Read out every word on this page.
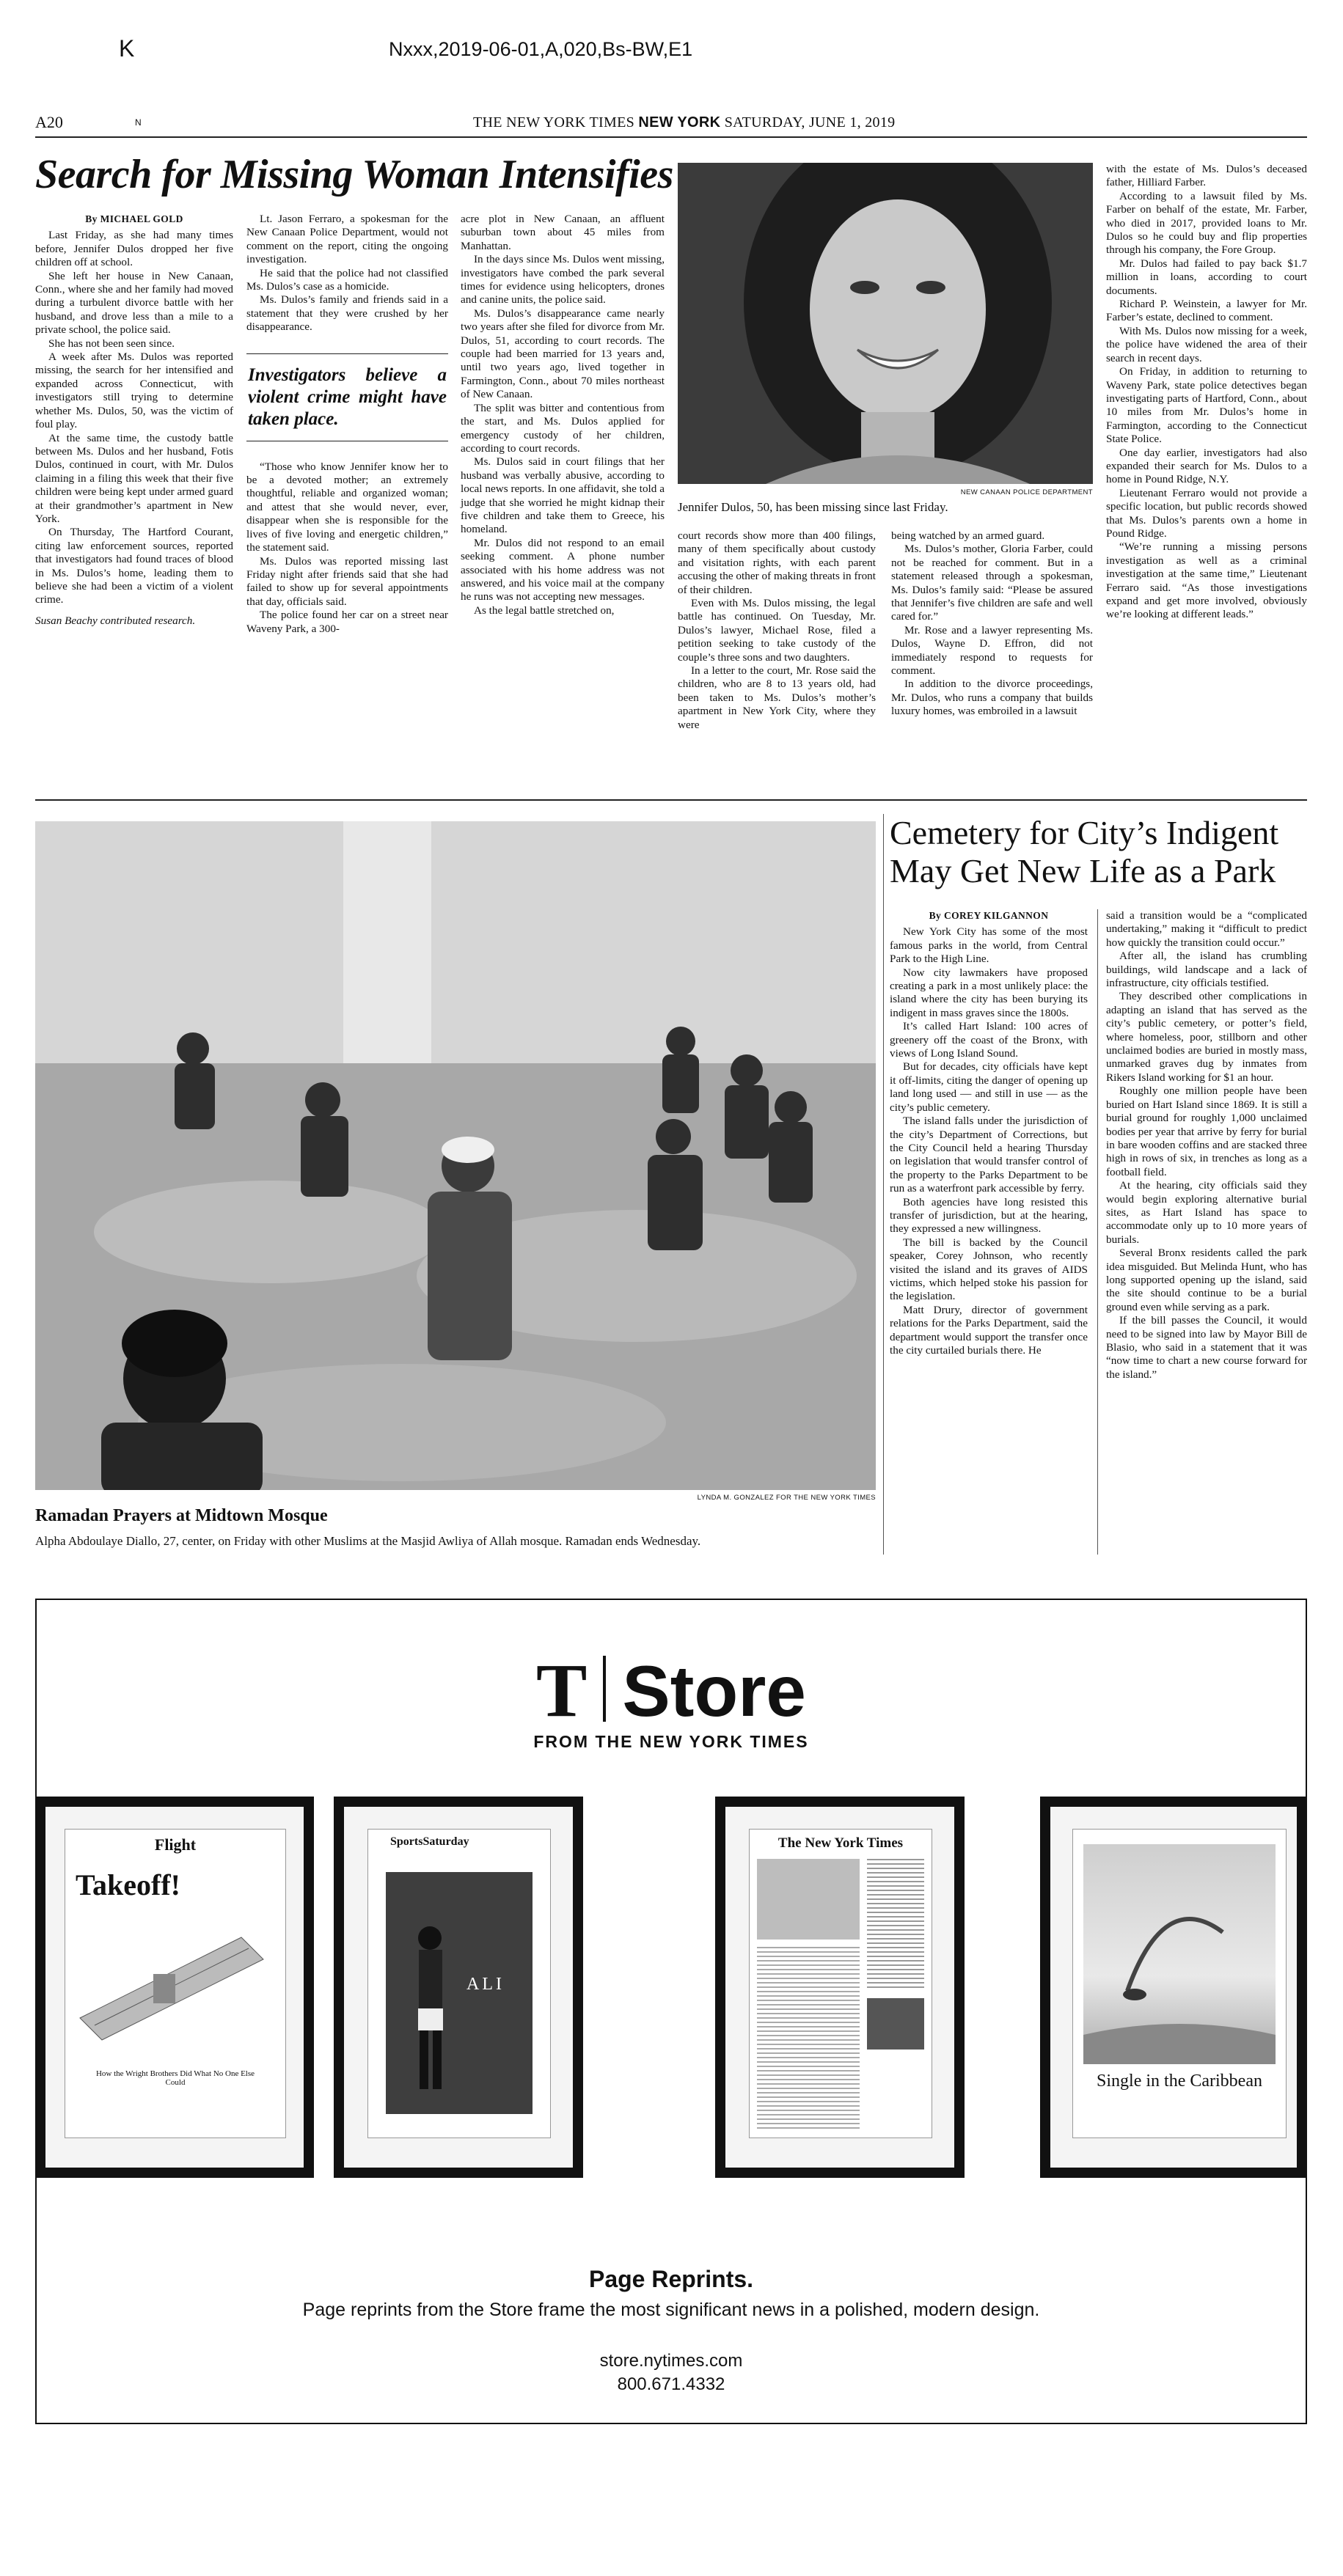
K	Nxxx,2019-06-01,A,020,Bs-BW,E1
A20	N	THE NEW YORK TIMES NEW YORK SATURDAY, JUNE 1, 2019
Search for Missing Woman Intensifies
By MICHAEL GOLD

Last Friday, as she had many times before, Jennifer Dulos dropped her five children off at school.

She left her house in New Canaan, Conn., where she and her family had moved during a turbulent divorce battle with her husband, and drove less than a mile to a private school, the police said.

She has not been seen since.

A week after Ms. Dulos was reported missing, the search for her intensified and expanded across Connecticut, with investigators still trying to determine whether Ms. Dulos, 50, was the victim of foul play.

At the same time, the custody battle between Ms. Dulos and her husband, Fotis Dulos, continued in court, with Mr. Dulos claiming in a filing this week that their five children were being kept under armed guard at their grandmother’s apartment in New York.

On Thursday, The Hartford Courant, citing law enforcement sources, reported that investigators had found traces of blood in Ms. Dulos’s home, leading them to believe she had been a victim of a violent crime.

Susan Beachy contributed research.

Lt. Jason Ferraro, a spokesman for the New Canaan Police Department, would not comment on the report, citing the ongoing investigation.

He said that the police had not classified Ms. Dulos’s case as a homicide.

Ms. Dulos’s family and friends said in a statement that they were crushed by her disappearance.

Investigators believe a violent crime might have taken place.

“Those who know Jennifer know her to be a devoted mother; an extremely thoughtful, reliable and organized woman; and attest that she would never, ever, disappear when she is responsible for the lives of five loving and energetic children,” the statement said.

Ms. Dulos was reported missing last Friday night after friends said that she had failed to show up for several appointments that day, officials said.

The police found her car on a street near Waveny Park, a 300-

acre plot in New Canaan, an affluent suburban town about 45 miles from Manhattan.

In the days since Ms. Dulos went missing, investigators have combed the park several times for evidence using helicopters, drones and canine units, the police said.

Ms. Dulos’s disappearance came nearly two years after she filed for divorce from Mr. Dulos, 51, according to court records. The couple had been married for 13 years and, until two years ago, lived together in Farmington, Conn., about 70 miles northeast of New Canaan.

The split was bitter and contentious from the start, and Ms. Dulos applied for emergency custody of her children, according to court records.

Ms. Dulos said in court filings that her husband was verbally abusive, according to local news reports. In one affidavit, she told a judge that she worried he might kidnap their five children and take them to Greece, his homeland.

Mr. Dulos did not respond to an email seeking comment. A phone number associated with his home address was not answered, and his voice mail at the company he runs was not accepting new messages.

As the legal battle stretched on,

NEW CANAAN POLICE DEPARTMENT
Jennifer Dulos, 50, has been missing since last Friday.

court records show more than 400 filings, many of them specifically about custody and visitation rights, with each parent accusing the other of making threats in front of their children.

Even with Ms. Dulos missing, the legal battle has continued. On Tuesday, Mr. Dulos’s lawyer, Michael Rose, filed a petition seeking to take custody of the couple’s three sons and two daughters.

In a letter to the court, Mr. Rose said the children, who are 8 to 13 years old, had been taken to Ms. Dulos’s mother’s apartment in New York City, where they were

being watched by an armed guard.

Ms. Dulos’s mother, Gloria Farber, could not be reached for comment. But in a statement released through a spokesman, Ms. Dulos’s family said: “Please be assured that Jennifer’s five children are safe and well cared for.”

Mr. Rose and a lawyer representing Ms. Dulos, Wayne D. Effron, did not immediately respond to requests for comment.

In addition to the divorce proceedings, Mr. Dulos, who runs a company that builds luxury homes, was embroiled in a lawsuit

with the estate of Ms. Dulos’s deceased father, Hilliard Farber.

According to a lawsuit filed by Ms. Farber on behalf of the estate, Mr. Farber, who died in 2017, provided loans to Mr. Dulos so he could buy and flip properties through his company, the Fore Group.

Mr. Dulos had failed to pay back $1.7 million in loans, according to court documents.

Richard P. Weinstein, a lawyer for Mr. Farber’s estate, declined to comment.

With Ms. Dulos now missing for a week, the police have widened the area of their search in recent days.

On Friday, in addition to returning to Waveny Park, state police detectives began investigating parts of Hartford, Conn., about 10 miles from Mr. Dulos’s home in Farmington, according to the Connecticut State Police.

One day earlier, investigators had also expanded their search for Ms. Dulos to a home in Pound Ridge, N.Y.

Lieutenant Ferraro would not provide a specific location, but public records showed that Ms. Dulos’s parents own a home in Pound Ridge.

“We’re running a missing persons investigation as well as a criminal investigation at the same time,” Lieutenant Ferraro said. “As those investigations expand and get more involved, obviously we’re looking at different leads.”

LYNDA M. GONZALEZ FOR THE NEW YORK TIMES
Ramadan Prayers at Midtown Mosque
Alpha Abdoulaye Diallo, 27, center, on Friday with other Muslims at the Masjid Awliya of Allah mosque. Ramadan ends Wednesday.
Cemetery for City’s Indigent May Get New Life as a Park
By COREY KILGANNON

New York City has some of the most famous parks in the world, from Central Park to the High Line.

Now city lawmakers have proposed creating a park in a most unlikely place: the island where the city has been burying its indigent in mass graves since the 1800s.

It’s called Hart Island: 100 acres of greenery off the coast of the Bronx, with views of Long Island Sound.

But for decades, city officials have kept it off-limits, citing the danger of opening up land long used — and still in use — as the city’s public cemetery.

The island falls under the jurisdiction of the city’s Department of Corrections, but the City Council held a hearing Thursday on legislation that would transfer control of the property to the Parks Department to be run as a waterfront park accessible by ferry.

Both agencies have long resisted this transfer of jurisdiction, but at the hearing, they expressed a new willingness.

The bill is backed by the Council speaker, Corey Johnson, who recently visited the island and its graves of AIDS victims, which helped stoke his passion for the legislation.

Matt Drury, director of government relations for the Parks Department, said the department would support the transfer once the city curtailed burials there. He

said a transition would be a “complicated undertaking,” making it “difficult to predict how quickly the transition could occur.”

After all, the island has crumbling buildings, wild landscape and a lack of infrastructure, city officials testified.

They described other complications in adapting an island that has served as the city’s public cemetery, or potter’s field, where homeless, poor, stillborn and other unclaimed bodies are buried in mostly mass, unmarked graves dug by inmates from Rikers Island working for $1 an hour.

Roughly one million people have been buried on Hart Island since 1869. It is still a burial ground for roughly 1,000 unclaimed bodies per year that arrive by ferry for burial in bare wooden coffins and are stacked three high in rows of six, in trenches as long as a football field.

At the hearing, city officials said they would begin exploring alternative burial sites, as Hart Island has space to accommodate only up to 10 more years of burials.

Several Bronx residents called the park idea misguided. But Melinda Hunt, who has long supported opening up the island, said the site should continue to be a burial ground even while serving as a park.

If the bill passes the Council, it would need to be signed into law by Mayor Bill de Blasio, who said in a statement that it was “now time to chart a new course forward for the island.”

T Store
FROM THE NEW YORK TIMES
Flight
Takeoff!
How the Wright Brothers Did What No One Else Could
SportsSaturday
ALI
The New York Times
Single in the Caribbean
Page Reprints.
Page reprints from the Store frame the most significant news in a polished, modern design.
store.nytimes.com
800.671.4332
